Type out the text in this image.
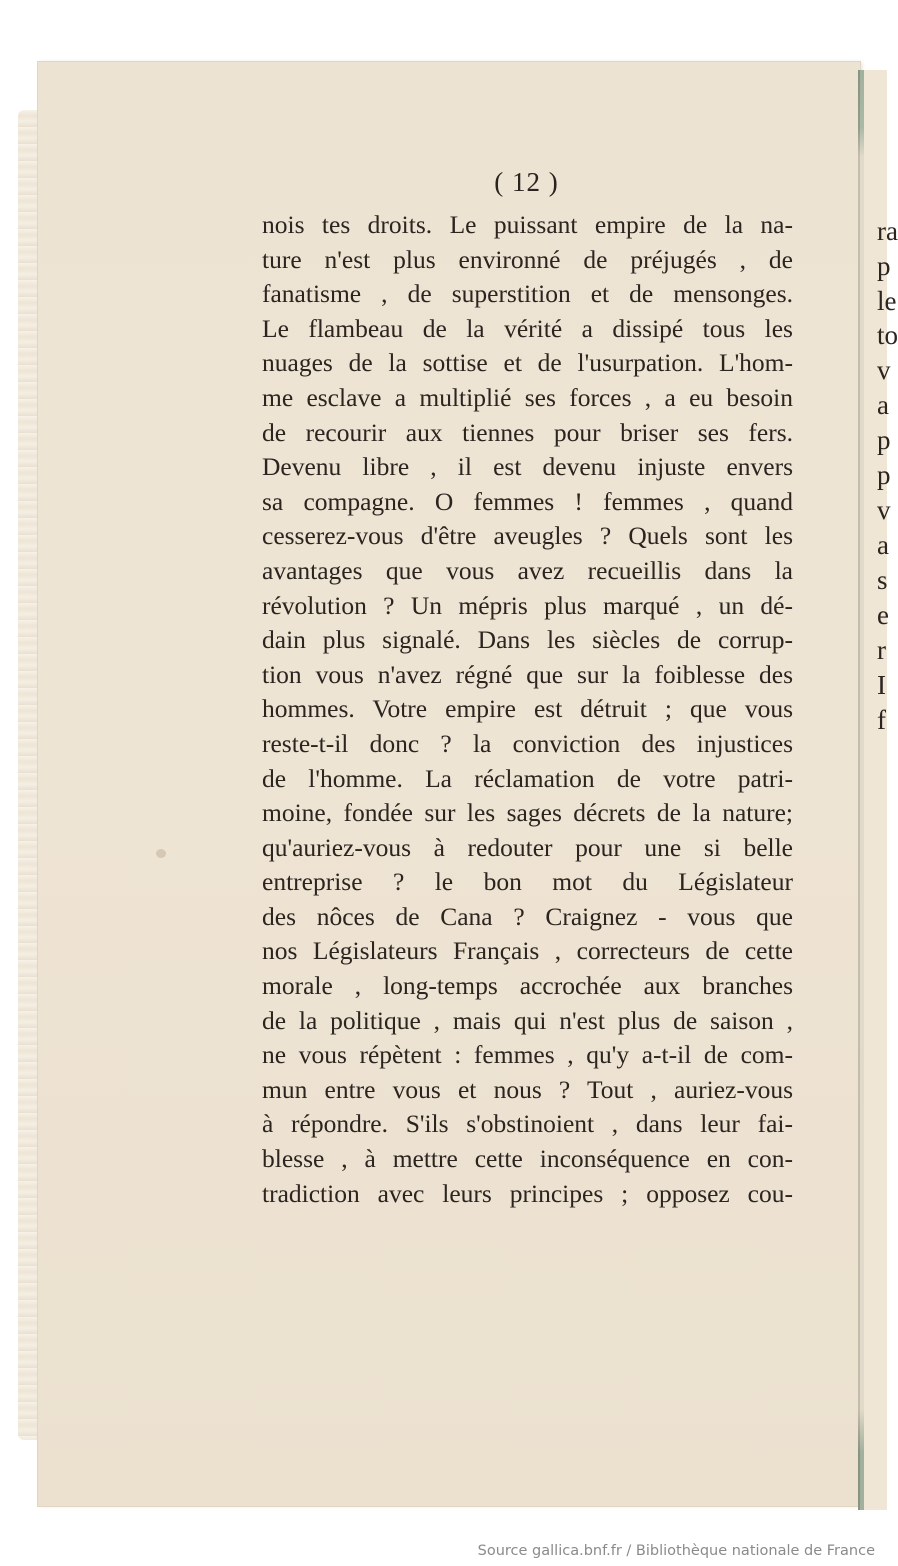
( 12 )
nois tes droits. Le puissant empire de la na-
ture n'est plus environné de préjugés , de
fanatisme , de superstition et de mensonges.
Le flambeau de la vérité a dissipé tous les
nuages de la sottise et de l'usurpation. L'hom-
me esclave a multiplié ses forces , a eu besoin
de recourir aux tiennes pour briser ses fers.
Devenu libre , il est devenu injuste envers
sa compagne. O femmes ! femmes , quand
cesserez-vous d'être aveugles ? Quels sont les
avantages que vous avez recueillis dans la
révolution ? Un mépris plus marqué , un dé-
dain plus signalé. Dans les siècles de corrup-
tion vous n'avez régné que sur la foiblesse des
hommes. Votre empire est détruit ; que vous
reste-t-il donc ? la conviction des injustices
de l'homme. La réclamation de votre patri-
moine, fondée sur les sages décrets de la nature;
qu'auriez-vous à redouter pour une si belle
entreprise ? le bon mot du Législateur
des nôces de Cana ? Craignez - vous que
nos Législateurs Français , correcteurs de cette
morale , long-temps accrochée aux branches
de la politique , mais qui n'est plus de saison ,
ne vous répètent : femmes , qu'y a-t-il de com-
mun entre vous et nous ? Tout , auriez-vous
à répondre. S'ils s'obstinoient , dans leur fai-
blesse , à mettre cette inconséquence en con-
tradiction avec leurs principes ; opposez cou-
ra
p
le
to
v
a
p
p
v
a
s
e
r
I
f
Source gallica.bnf.fr / Bibliothèque nationale de France
